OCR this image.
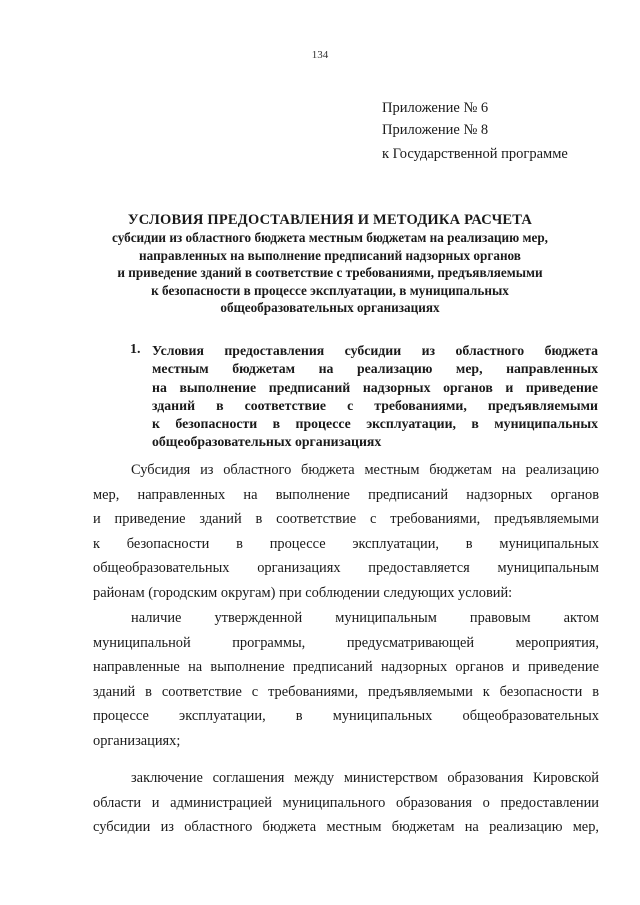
134
Приложение № 6
Приложение № 8
к Государственной программе
УСЛОВИЯ ПРЕДОСТАВЛЕНИЯ И МЕТОДИКА РАСЧЕТА
субсидии из областного бюджета местным бюджетам на реализацию мер,
направленных на выполнение предписаний надзорных органов
и приведение зданий в соответствие с требованиями, предъявляемыми
к безопасности в процессе эксплуатации, в муниципальных
общеобразовательных организациях
1. Условия предоставления субсидии из областного бюджета
местным бюджетам на реализацию мер, направленных
на выполнение предписаний надзорных органов и приведение
зданий в соответствие с требованиями, предъявляемыми
к безопасности в процессе эксплуатации, в муниципальных
общеобразовательных организациях
Субсидия из областного бюджета местным бюджетам на реализацию
мер, направленных на выполнение предписаний надзорных органов
и приведение зданий в соответствие с требованиями, предъявляемыми
к безопасности в процессе эксплуатации, в муниципальных
общеобразовательных организациях предоставляется муниципальным
районам (городским округам) при соблюдении следующих условий:
наличие утвержденной муниципальным правовым актом
муниципальной программы, предусматривающей мероприятия,
направленные на выполнение предписаний надзорных органов и приведение
зданий в соответствие с требованиями, предъявляемыми к безопасности в
процессе эксплуатации, в муниципальных общеобразовательных
организациях;
заключение соглашения между министерством образования Кировской
области и администрацией муниципального образования о предоставлении
субсидии из областного бюджета местным бюджетам на реализацию мер,
